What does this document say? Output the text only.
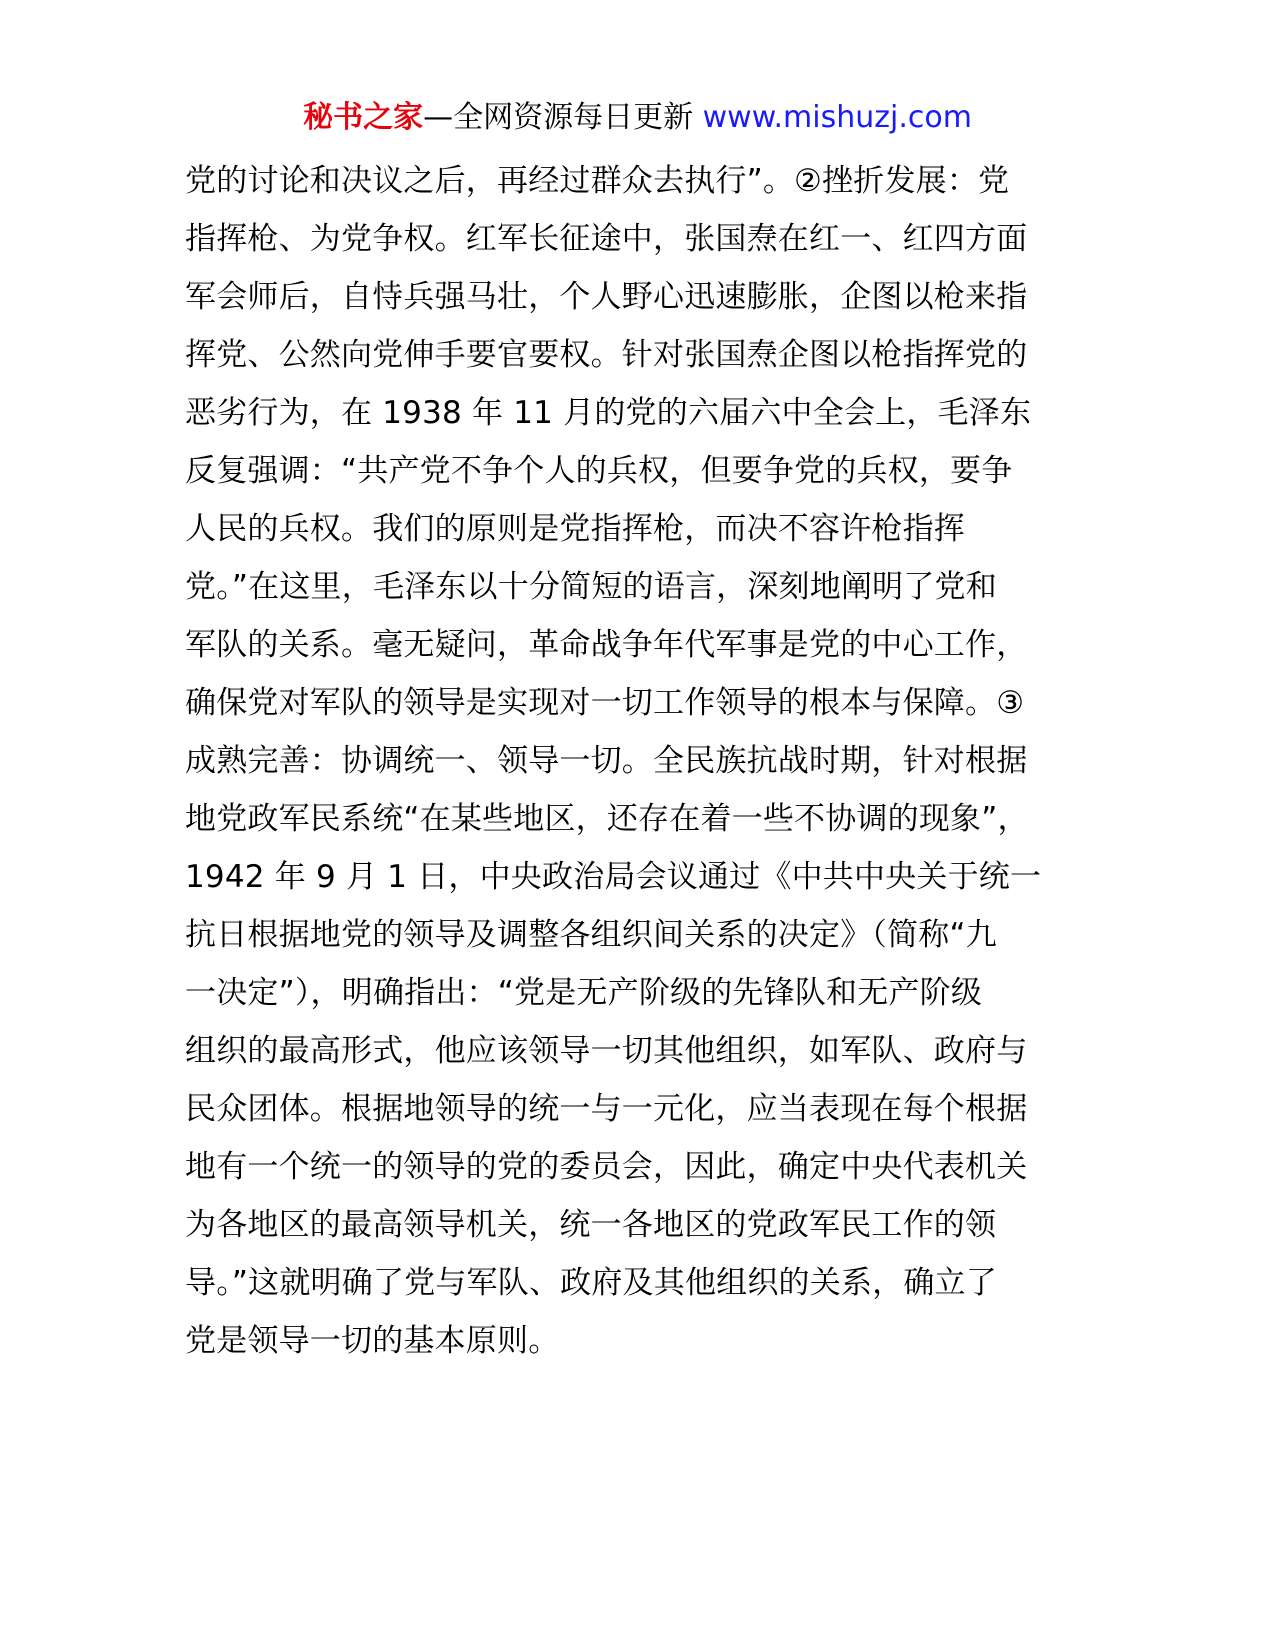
秘书之家—全网资源每日更新 www.mishuzj.com
党的讨论和决议之后，再经过群众去执行”。②挫折发展：党
指挥枪、为党争权。红军长征途中，张国焘在红一、红四方面
军会师后，自恃兵强马壮，个人野心迅速膨胀，企图以枪来指
挥党、公然向党伸手要官要权。针对张国焘企图以枪指挥党的
恶劣行为，在 1938 年 11 月的党的六届六中全会上，毛泽东
反复强调：“共产党不争个人的兵权，但要争党的兵权，要争
人民的兵权。我们的原则是党指挥枪，而决不容许枪指挥
党。”在这里，毛泽东以十分简短的语言，深刻地阐明了党和
军队的关系。毫无疑问，革命战争年代军事是党的中心工作，
确保党对军队的领导是实现对一切工作领导的根本与保障。③
成熟完善：协调统一、领导一切。全民族抗战时期，针对根据
地党政军民系统“在某些地区，还存在着一些不协调的现象”，
1942 年 9 月 1 日，中央政治局会议通过《中共中央关于统一
抗日根据地党的领导及调整各组织间关系的决定》（简称“九
一决定”），明确指出：“党是无产阶级的先锋队和无产阶级
组织的最高形式，他应该领导一切其他组织，如军队、政府与
民众团体。根据地领导的统一与一元化，应当表现在每个根据
地有一个统一的领导的党的委员会，因此，确定中央代表机关
为各地区的最高领导机关，统一各地区的党政军民工作的领
导。”这就明确了党与军队、政府及其他组织的关系，确立了
党是领导一切的基本原则。
